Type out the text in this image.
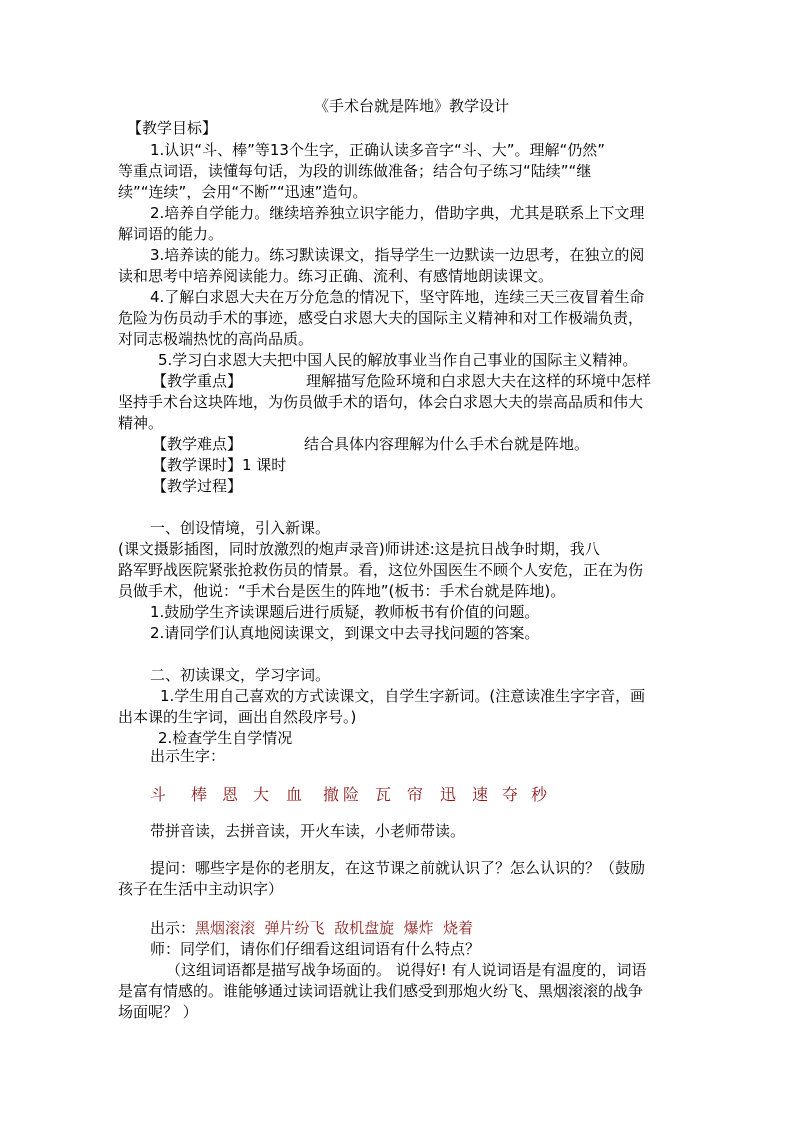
《手术台就是阵地》教学设计
【教学目标】
1.认识“斗、棒”等13个生字，正确认读多音字“斗、大”。理解“仍然”
等重点词语，读懂每句话，为段的训练做准备；结合句子练习“陆续”“继
续”“连续”，会用“不断”“迅速”造句。
2.培养自学能力。继续培养独立识字能力，借助字典，尤其是联系上下文理
解词语的能力。
3.培养读的能力。练习默读课文，指导学生一边默读一边思考，在独立的阅
读和思考中培养阅读能力。练习正确、流利、有感情地朗读课文。
4.了解白求恩大夫在万分危急的情况下，坚守阵地，连续三天三夜冒着生命
危险为伤员动手术的事迹，感受白求恩大夫的国际主义精神和对工作极端负责，
对同志极端热忱的高尚品质。
5.学习白求恩大夫把中国人民的解放事业当作自己事业的国际主义精神。
【教学重点】	理解描写危险环境和白求恩大夫在这样的环境中怎样
坚持手术台这块阵地，为伤员做手术的语句，体会白求恩大夫的崇高品质和伟大
精神。
【教学难点】	结合具体内容理解为什么手术台就是阵地。
【教学课时】1 课时
【教学过程】
一、创设情境，引入新课。
(课文摄影插图，同时放激烈的炮声录音)师讲述:这是抗日战争时期，我八
路军野战医院紧张抢救伤员的情景。看，这位外国医生不顾个人安危，正在为伤
员做手术，他说：“手术台是医生的阵地”(板书：手术台就是阵地)。
1.鼓励学生齐读课题后进行质疑，教师板书有价值的问题。
2.请同学们认真地阅读课文，到课文中去寻找问题的答案。
二、初读课文，学习字词。
1.学生用自己喜欢的方式读课文，自学生字新词。(注意读准生字字音，画
出本课的生字词，画出自然段序号。)
2.检查学生自学情况
出示生字：
斗 棒 恩 大 血 撤 险 瓦 帘 迅 速 夺 秒
带拼音读，去拼音读，开火车读，小老师带读。
提问：哪些字是你的老朋友，在这节课之前就认识了？怎么认识的？（鼓励
孩子在生活中主动识字）
出示：黑烟滚滚  弹片纷飞  敌机盘旋  爆炸  烧着
师：同学们，请你们仔细看这组词语有什么特点？
（这组词语都是描写战争场面的。 说得好! 有人说词语是有温度的，词语
是富有情感的。谁能够通过读词语就让我们感受到那炮火纷飞、黑烟滚滚的战争
场面呢？ ）
